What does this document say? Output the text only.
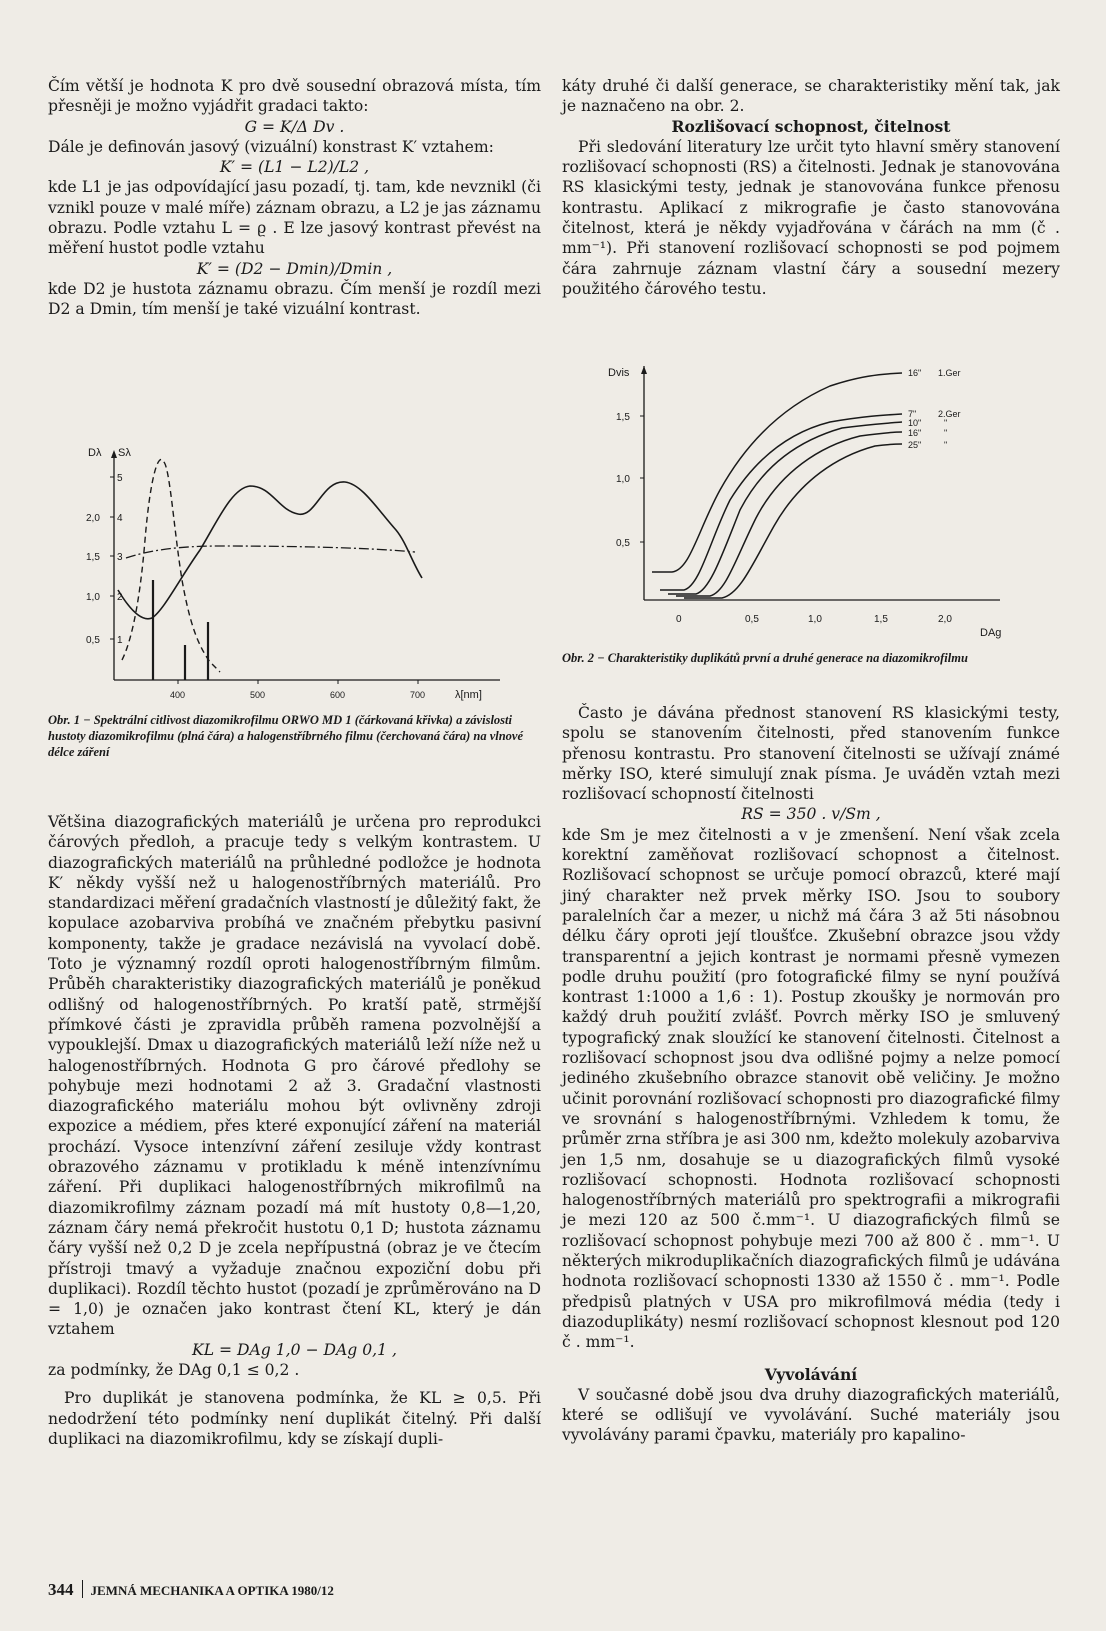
Čím větší je hodnota K pro dvě sousední obrazová místa, tím přesněji je možno vyjádřit gradaci takto:

G = K/Δ Dv .

Dále je definován jasový (vizuální) konstrast K′ vztahem:

K′ = (L1 − L2)/L2 ,

kde L1 je jas odpovídající jasu pozadí, tj. tam, kde nevznikl (či vznikl pouze v malé míře) záznam obrazu, a L2 je jas záznamu obrazu. Podle vztahu L = ϱ . E lze jasový kontrast převést na měření hustot podle vztahu

K′ = (D2 − Dmin)/Dmin ,

kde D2 je hustota záznamu obrazu. Čím menší je rozdíl mezi D2 a Dmin, tím menší je také vizuální kontrast.

Dλ Sλ
2,0
1,5
1,0
0,5
5
4
3
2
1
400	500	600	700	λ[nm]
Obr. 1 − Spektrální citlivost diazomikrofilmu ORWO MD 1 (čárkovaná křivka) a závislosti hustoty diazomikrofilmu (plná čára) a halogenstříbrného filmu (čerchovaná čára) na vlnové délce záření

Většina diazografických materiálů je určena pro reprodukci čárových předloh, a pracuje tedy s velkým kontrastem. U diazografických materiálů na průhledné podložce je hodnota K′ někdy vyšší než u halogenostříbrných materiálů. Pro standardizaci měření gradačních vlastností je důležitý fakt, že kopulace azobarviva probíhá ve značném přebytku pasivní komponenty, takže je gradace nezávislá na vyvolací době. Toto je významný rozdíl oproti halogenostříbrným filmům. Průběh charakteristiky diazografických materiálů je poněkud odlišný od halogenostříbrných. Po kratší patě, strmější přímkové části je zpravidla průběh ramena pozvolnější a vypouklejší. Dmax u diazografických materiálů leží níže než u halogenostříbrných. Hodnota G pro čárové předlohy se pohybuje mezi hodnotami 2 až 3. Gradační vlastnosti diazografického materiálu mohou být ovlivněny zdroji expozice a médiem, přes které exponující záření na materiál prochází. Vysoce intenzívní záření zesiluje vždy kontrast obrazového záznamu v protikladu k méně intenzívnímu záření. Při duplikaci halogenostříbrných mikrofilmů na diazomikrofilmy záznam pozadí má mít hustoty 0,8—1,20, záznam čáry nemá překročit hustotu 0,1 D; hustota záznamu čáry vyšší než 0,2 D je zcela nepřípustná (obraz je ve čtecím přístroji tmavý a vyžaduje značnou expoziční dobu při duplikaci). Rozdíl těchto hustot (pozadí je zprůměrováno na D = 1,0) je označen jako kontrast čtení KL, který je dán vztahem

KL = DAg 1,0 − DAg 0,1 ,

za podmínky, že DAg 0,1 ≤ 0,2 .

Pro duplikát je stanovena podmínka, že KL ≥ 0,5. Při nedodržení této podmínky není duplikát čitelný. Při další duplikaci na diazomikrofilmu, kdy se získají dupli-

káty druhé či další generace, se charakteristiky mění tak, jak je naznačeno na obr. 2.

Rozlišovací schopnost, čitelnost

Při sledování literatury lze určit tyto hlavní směry stanovení rozlišovací schopnosti (RS) a čitelnosti. Jednak je stanovována RS klasickými testy, jednak je stanovována funkce přenosu kontrastu. Aplikací z mikrografie je často stanovována čitelnost, která je někdy vyjadřována v čárách na mm (č . mm⁻¹). Při stanovení rozlišovací schopnosti se pod pojmem čára zahrnuje záznam vlastní čáry a sousední mezery použitého čárového testu.

Dvis
1,5
1,0
0,5
0	0,5	1,0	1,5	2,0
DAg
16" 1.Ger
7" 2.Ger
10"	"
16"	"
25"	"
Obr. 2 − Charakteristiky duplikátů první a druhé generace na diazomikrofilmu

Často je dávána přednost stanovení RS klasickými testy, spolu se stanovením čitelnosti, před stanovením funkce přenosu kontrastu. Pro stanovení čitelnosti se užívají známé měrky ISO, které simulují znak písma. Je uváděn vztah mezi rozlišovací schopností čitelnosti

RS = 350 . v/Sm ,

kde Sm je mez čitelnosti a v je zmenšení. Není však zcela korektní zaměňovat rozlišovací schopnost a čitelnost. Rozlišovací schopnost se určuje pomocí obrazců, které mají jiný charakter než prvek měrky ISO. Jsou to soubory paralelních čar a mezer, u nichž má čára 3 až 5ti násobnou délku čáry oproti její tloušťce. Zkušební obrazce jsou vždy transparentní a jejich kontrast je normami přesně vymezen podle druhu použití (pro fotografické filmy se nyní používá kontrast 1:1000 a 1,6 : 1). Postup zkoušky je normován pro každý druh použití zvlášť. Povrch měrky ISO je smluvený typografický znak sloužící ke stanovení čitelnosti. Čitelnost a rozlišovací schopnost jsou dva odlišné pojmy a nelze pomocí jediného zkušebního obrazce stanovit obě veličiny. Je možno učinit porovnání rozlišovací schopnosti pro diazografické filmy ve srovnání s halogenostříbrnými. Vzhledem k tomu, že průměr zrna stříbra je asi 300 nm, kdežto molekuly azobarviva jen 1,5 nm, dosahuje se u diazografických filmů vysoké rozlišovací schopnosti. Hodnota rozlišovací schopnosti halogenostříbrných materiálů pro spektrografii a mikrografii je mezi 120 az 500 č.mm⁻¹. U diazografických filmů se rozlišovací schopnost pohybuje mezi 700 až 800 č . mm⁻¹. U některých mikroduplikačních diazografických filmů je udávána hodnota rozlišovací schopnosti 1330 až 1550 č . mm⁻¹. Podle předpisů platných v USA pro mikrofilmová média (tedy i diazoduplikáty) nesmí rozlišovací schopnost klesnout pod 120 č . mm⁻¹.

Vyvolávání

V současné době jsou dva druhy diazografických materiálů, které se odlišují ve vyvolávání. Suché materiály jsou vyvolávány parami čpavku, materiály pro kapalino-

344 JEMNÁ MECHANIKA A OPTIKA 1980/12
